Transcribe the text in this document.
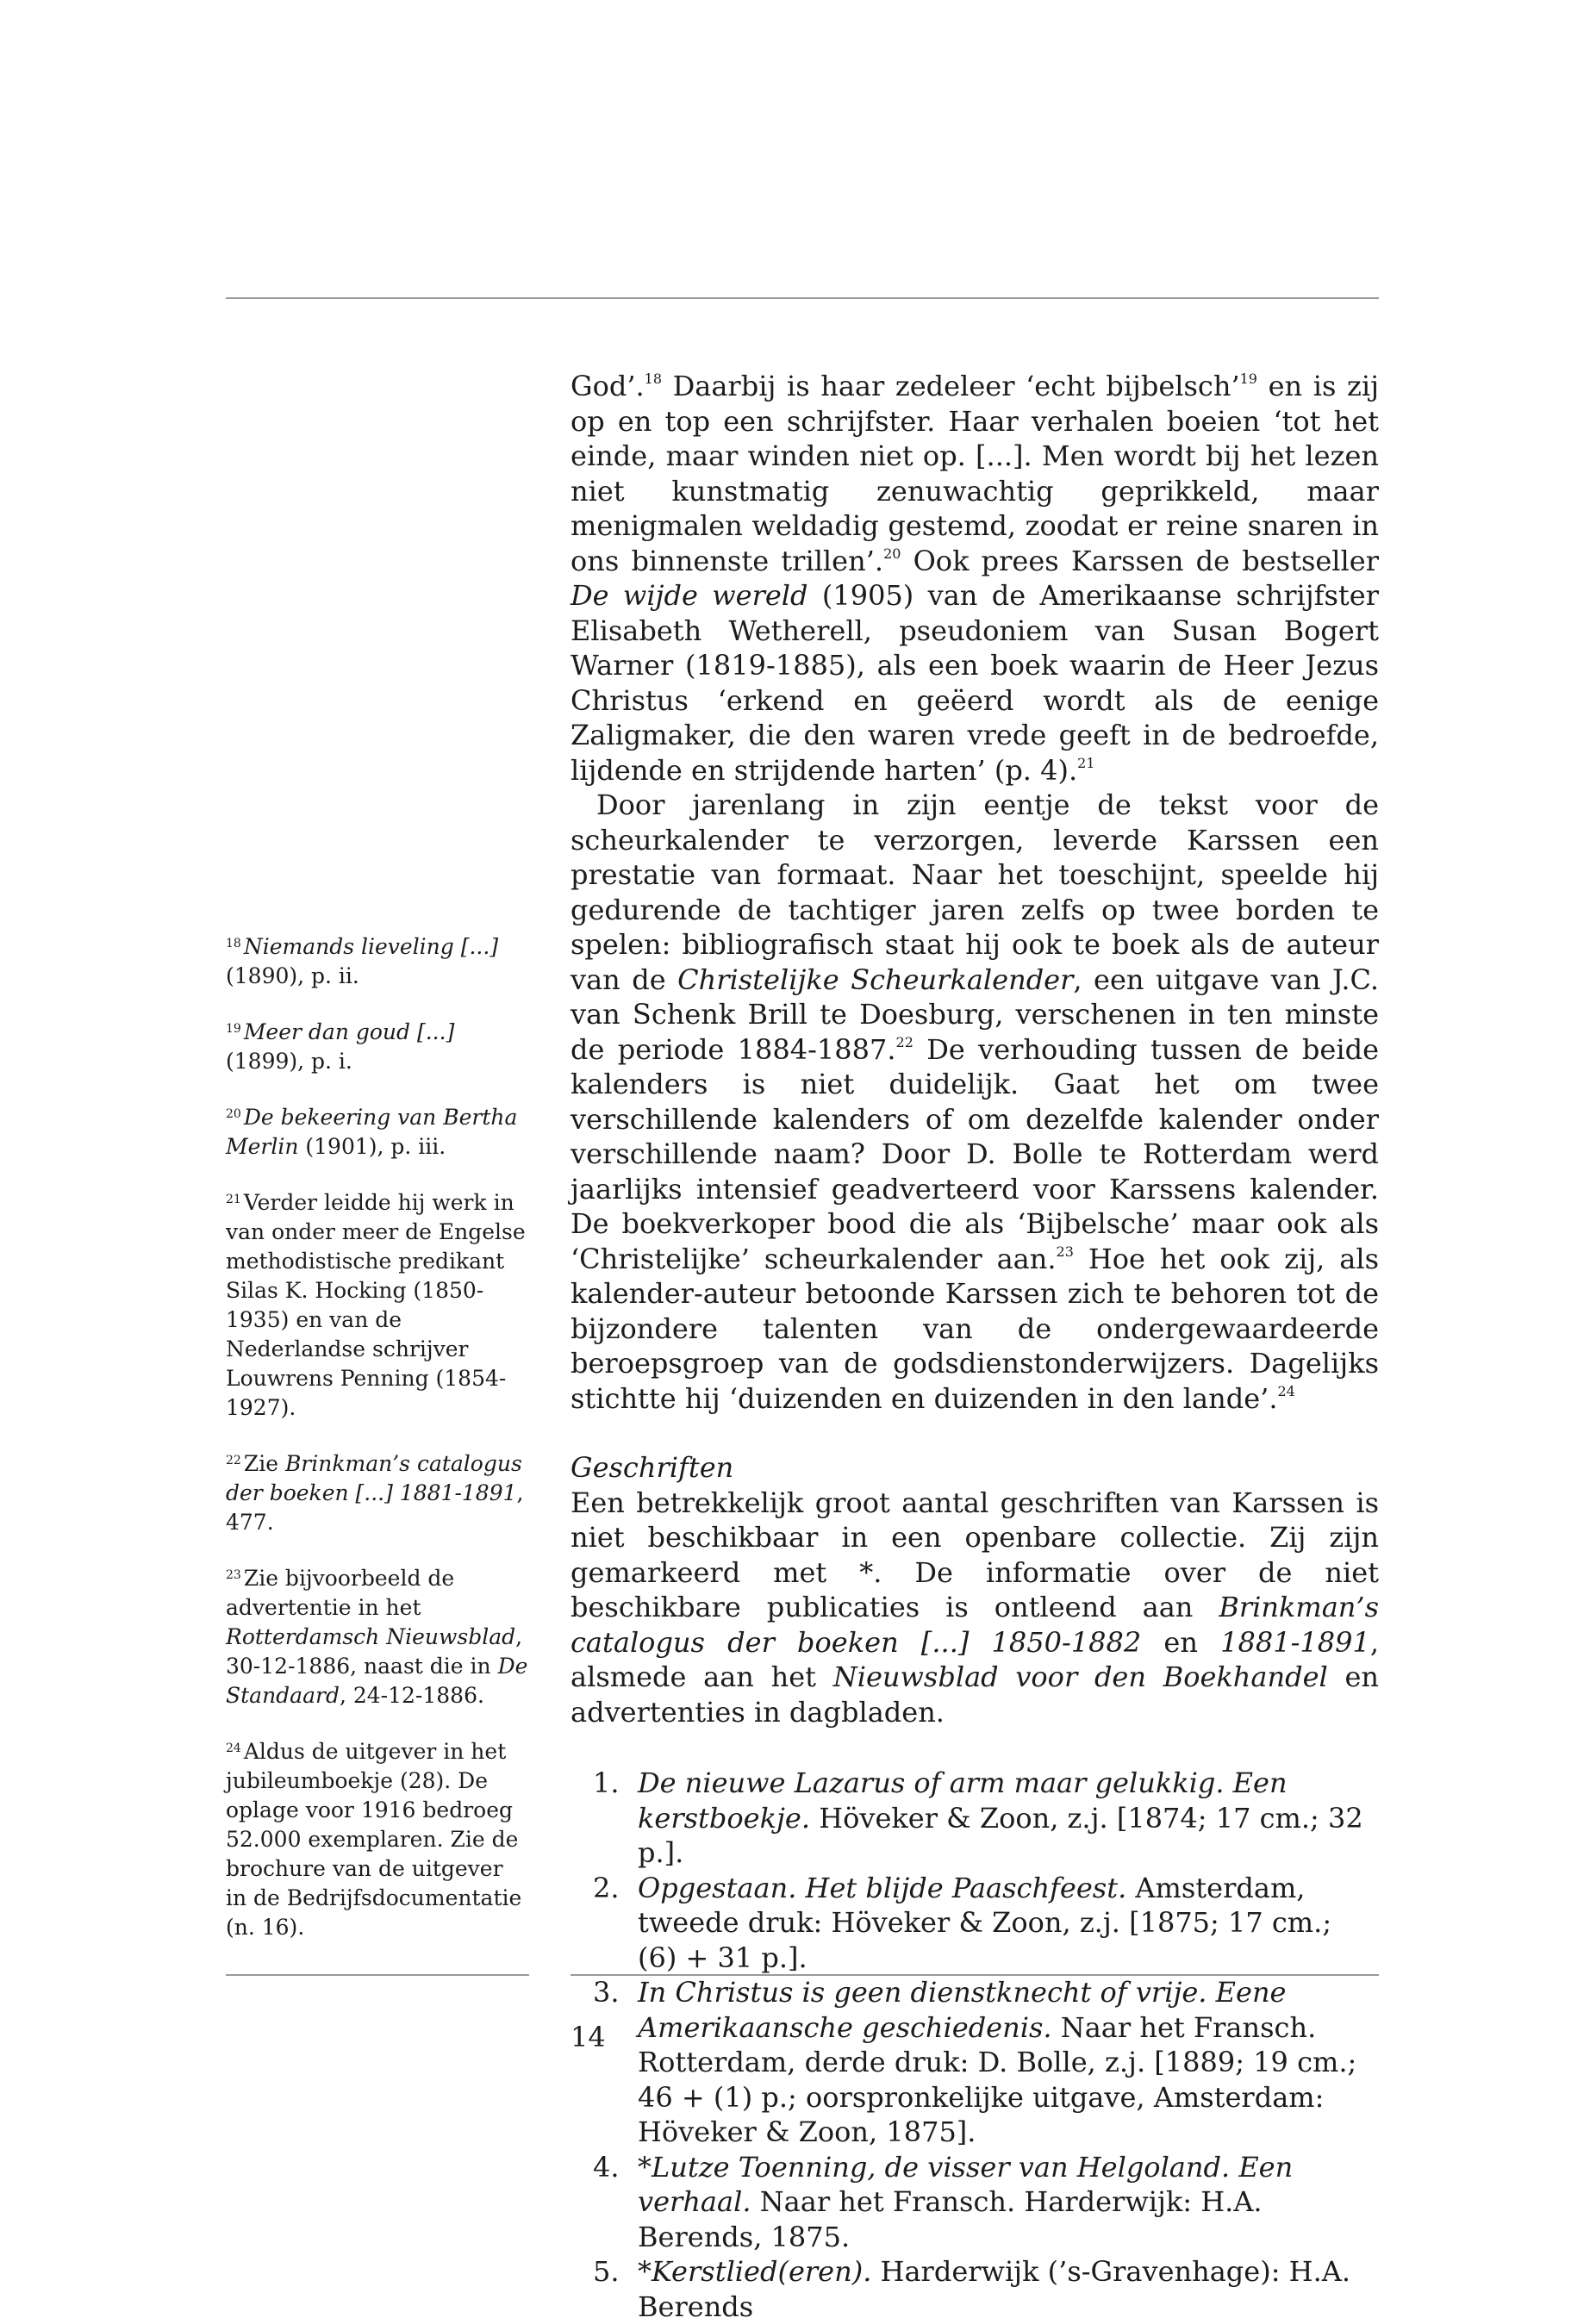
$^{18}$ Niemands lieveling [...] (1890), p. ii.
$^{19}$ Meer dan goud [...] (1899), p. i.
$^{20}$ De bekeering van Bertha Merlin (1901), p. iii.
$^{21}$ Verder leidde hij werk in van onder meer de Engelse methodistische predikant Silas K. Hocking (1850-1935) en van de Nederlandse schrijver Louwrens Penning (1854-1927).
$^{22}$ Zie Brinkman’s catalogus der boeken [...] 1881-1891, 477.
$^{23}$ Zie bijvoorbeeld de advertentie in het Rotterdamsch Nieuwsblad, 30-12-1886, naast die in De Standaard, 24-12-1886.
$^{24}$ Aldus de uitgever in het jubileumboekje (28). De oplage voor 1916 bedroeg 52.000 exemplaren. Zie de brochure van de uitgever in de Bedrijfsdocumentatie (n. 16).

God’.$^{18}$ Daarbij is haar zedeleer ‘echt bijbelsch’$^{19}$ en is zij op en top een schrijfster. Haar verhalen boeien ‘tot het einde, maar winden niet op. [...]. Men wordt bij het lezen niet kunstmatig zenuwachtig geprikkeld, maar menigmalen weldadig gestemd, zoodat er reine snaren in ons binnenste trillen’.$^{20}$ Ook prees Karssen de bestseller De wijde wereld (1905) van de Amerikaanse schrijfster Elisabeth Wetherell, pseudoniem van Susan Bogert Warner (1819-1885), als een boek waarin de Heer Jezus Christus ‘erkend en geëerd wordt als de eenige Zaligmaker, die den waren vrede geeft in de bedroefde, lijdende en strijdende harten’ (p. 4).$^{21}$

Door jarenlang in zijn eentje de tekst voor de scheurkalender te verzorgen, leverde Karssen een prestatie van formaat. Naar het toeschijnt, speelde hij gedurende de tachtiger jaren zelfs op twee borden te spelen: bibliografisch staat hij ook te boek als de auteur van de Christelijke Scheurkalender, een uitgave van J.C. van Schenk Brill te Doesburg, verschenen in ten minste de periode 1884-1887.22 De verhouding tussen de beide kalenders is niet duidelijk. Gaat het om twee verschillende kalenders of om dezelfde kalender onder verschillende naam? Door D. Bolle te Rotterdam werd jaarlijks intensief geadverteerd voor Karssens kalender. De boekverkoper bood die als ‘Bijbelsche’ maar ook als ‘Christelijke’ scheurkalender aan.$^{23}$ Hoe het ook zij, als kalender-auteur betoonde Karssen zich te behoren tot de bijzondere talenten van de ondergewaardeerde beroepsgroep van de godsdienstonderwijzers. Dagelijks stichtte hij ‘duizenden en duizenden in den lande’.$^{24}$

Geschriften

Een betrekkelijk groot aantal geschriften van Karssen is niet beschikbaar in een openbare collectie. Zij zijn gemarkeerd met *. De informatie over de niet beschikbare publicaties is ontleend aan Brinkman’s catalogus der boeken [...] 1850-1882 en 1881-1891, alsmede aan het Nieuwsblad voor den Boekhandel en advertenties in dagbladen.

1. De nieuwe Lazarus of arm maar gelukkig. Een kerstboekje. Höveker & Zoon, z.j. [1874; 17 cm.; 32 p.].
2. Opgestaan. Het blijde Paaschfeest. Amsterdam, tweede druk: Höveker & Zoon, z.j. [1875; 17 cm.; (6) + 31 p.].
3. In Christus is geen dienstknecht of vrije. Eene Amerikaansche geschiedenis. Naar het Fransch. Rotterdam, derde druk: D. Bolle, z.j. [1889; 19 cm.; 46 + (1) p.; oorspronkelijke uitgave, Amsterdam: Höveker & Zoon, 1875].
4. *Lutze Toenning, de visser van Helgoland. Een verhaal. Naar het Fransch. Harderwijk: H.A. Berends, 1875.
5. *Kerstlied(eren). Harderwijk (’s-Gravenhage): H.A. Berends
14
